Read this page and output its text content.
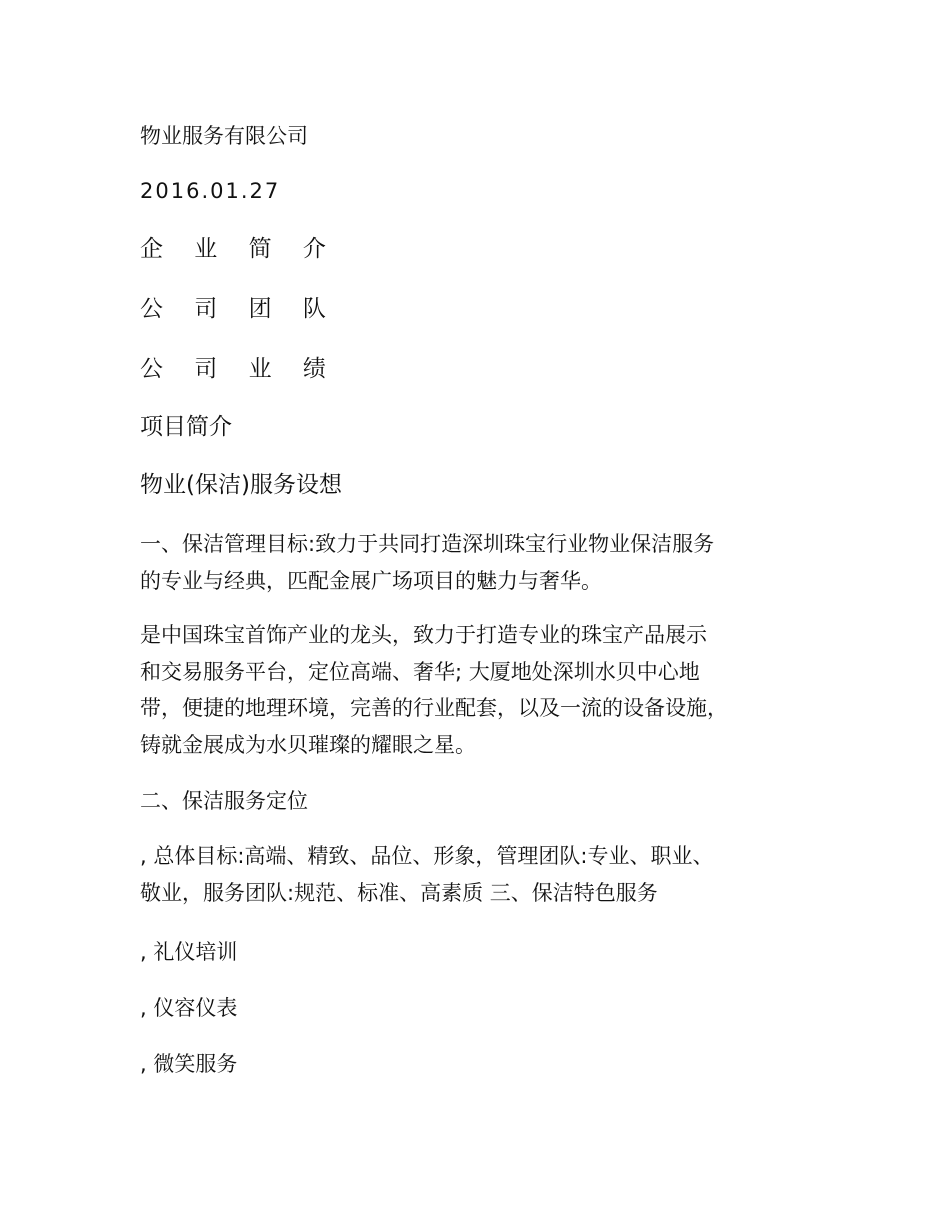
物业服务有限公司
2016.01.27
企 业 简 介
公 司 团 队
公 司 业 绩
项目简介
物业(保洁)服务设想
一、保洁管理目标:致力于共同打造深圳珠宝行业物业保洁服务
的专业与经典，匹配金展广场项目的魅力与奢华。
是中国珠宝首饰产业的龙头，致力于打造专业的珠宝产品展示
和交易服务平台，定位高端、奢华; 大厦地处深圳水贝中心地
带，便捷的地理环境，完善的行业配套，以及一流的设备设施，
铸就金展成为水贝璀璨的耀眼之星。
二、保洁服务定位
, 总体目标:高端、精致、品位、形象，管理团队:专业、职业、
敬业，服务团队:规范、标准、高素质 三、保洁特色服务
, 礼仪培训
, 仪容仪表
, 微笑服务
